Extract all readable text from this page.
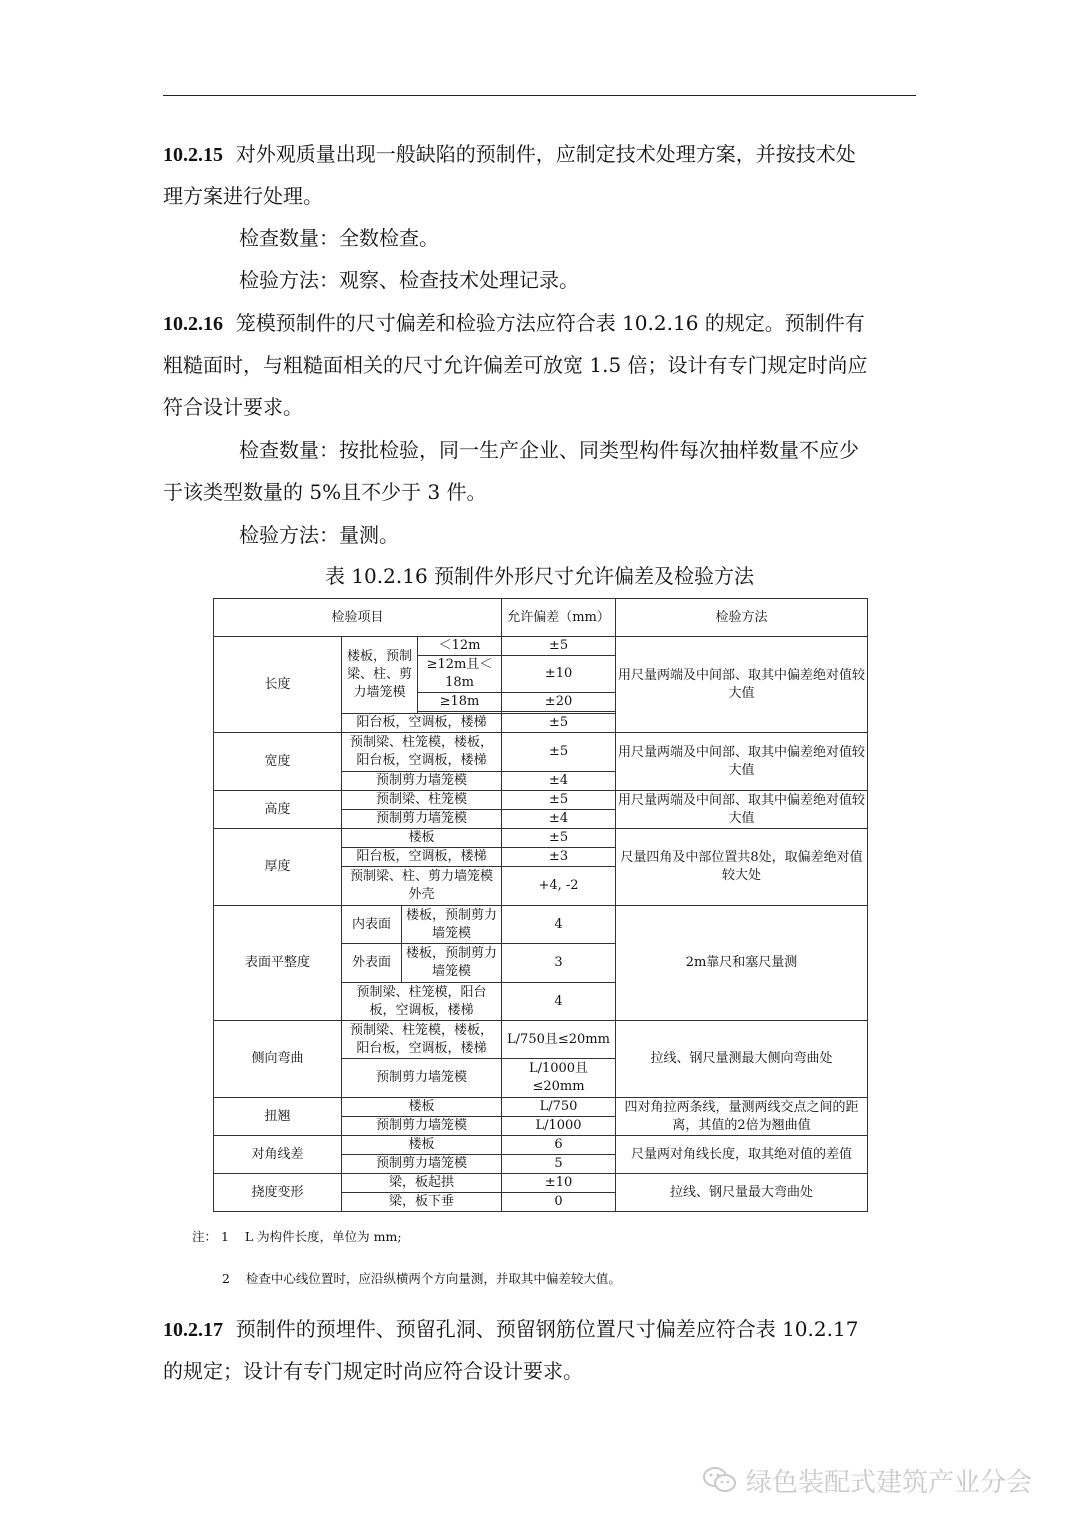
10.2.15 对外观质量出现一般缺陷的预制件，应制定技术处理方案，并按技术处

理方案进行处理。

检查数量：全数检查。

检验方法：观察、检查技术处理记录。

10.2.16 笼模预制件的尺寸偏差和检验方法应符合表 10.2.16 的规定。预制件有

粗糙面时，与粗糙面相关的尺寸允许偏差可放宽 1.5 倍；设计有专门规定时尚应

符合设计要求。

检查数量：按批检验，同一生产企业、同类型构件每次抽样数量不应少

于该类型数量的 5%且不少于 3 件。

检验方法：量测。

表 10.2.16 预制件外形尺寸允许偏差及检验方法
检验项目				允许偏差（mm）	检验方法
长度	楼板，预制梁、柱、剪力墙笼模		＜12m	±5	用尺量两端及中间部、取其中偏差绝对值较大值
			≥12m且＜18m	±10	
			≥18m	±20	

	阳台板，空调板，楼梯			±5	
宽度	预制梁、柱笼模，楼板，阳台板，空调板，楼梯			±5	用尺量两端及中间部、取其中偏差绝对值较大值
	预制剪力墙笼模			±4	
高度	预制梁、柱笼模			±5	用尺量两端及中间部、取其中偏差绝对值较大值
	预制剪力墙笼模			±4	
厚度	楼板			±5	尺量四角及中部位置共8处，取偏差绝对值较大处
	阳台板，空调板，楼梯			±3	
	预制梁、柱、剪力墙笼模外壳			+4, -2	
表面平整度	内表面	楼板，预制剪力墙笼模		4	2m靠尺和塞尺量测
	外表面	楼板，预制剪力墙笼模		3	
	预制梁、柱笼模，阳台板，空调板，楼梯			4	
侧向弯曲	预制梁、柱笼模，楼板，阳台板，空调板，楼梯			L/750且≤20mm	拉线、钢尺量测最大侧向弯曲处
	预制剪力墙笼模			L/1000且≤20mm	
扭翘	楼板			L/750	四对角拉两条线，量测两线交点之间的距离，其值的2倍为翘曲值
	预制剪力墙笼模			L/1000	
对角线差	楼板			6	尺量两对角线长度，取其绝对值的差值
	预制剪力墙笼模			5	
挠度变形	梁，板起拱			±10	拉线、钢尺量最大弯曲处
	梁，板下垂			0	
注： 1 L 为构件长度，单位为 mm;
2 检查中心线位置时，应沿纵横两个方向量测，并取其中偏差较大值。

10.2.17 预制件的预埋件、预留孔洞、预留钢筋位置尺寸偏差应符合表 10.2.17

的规定；设计有专门规定时尚应符合设计要求。

绿色装配式建筑产业分会
